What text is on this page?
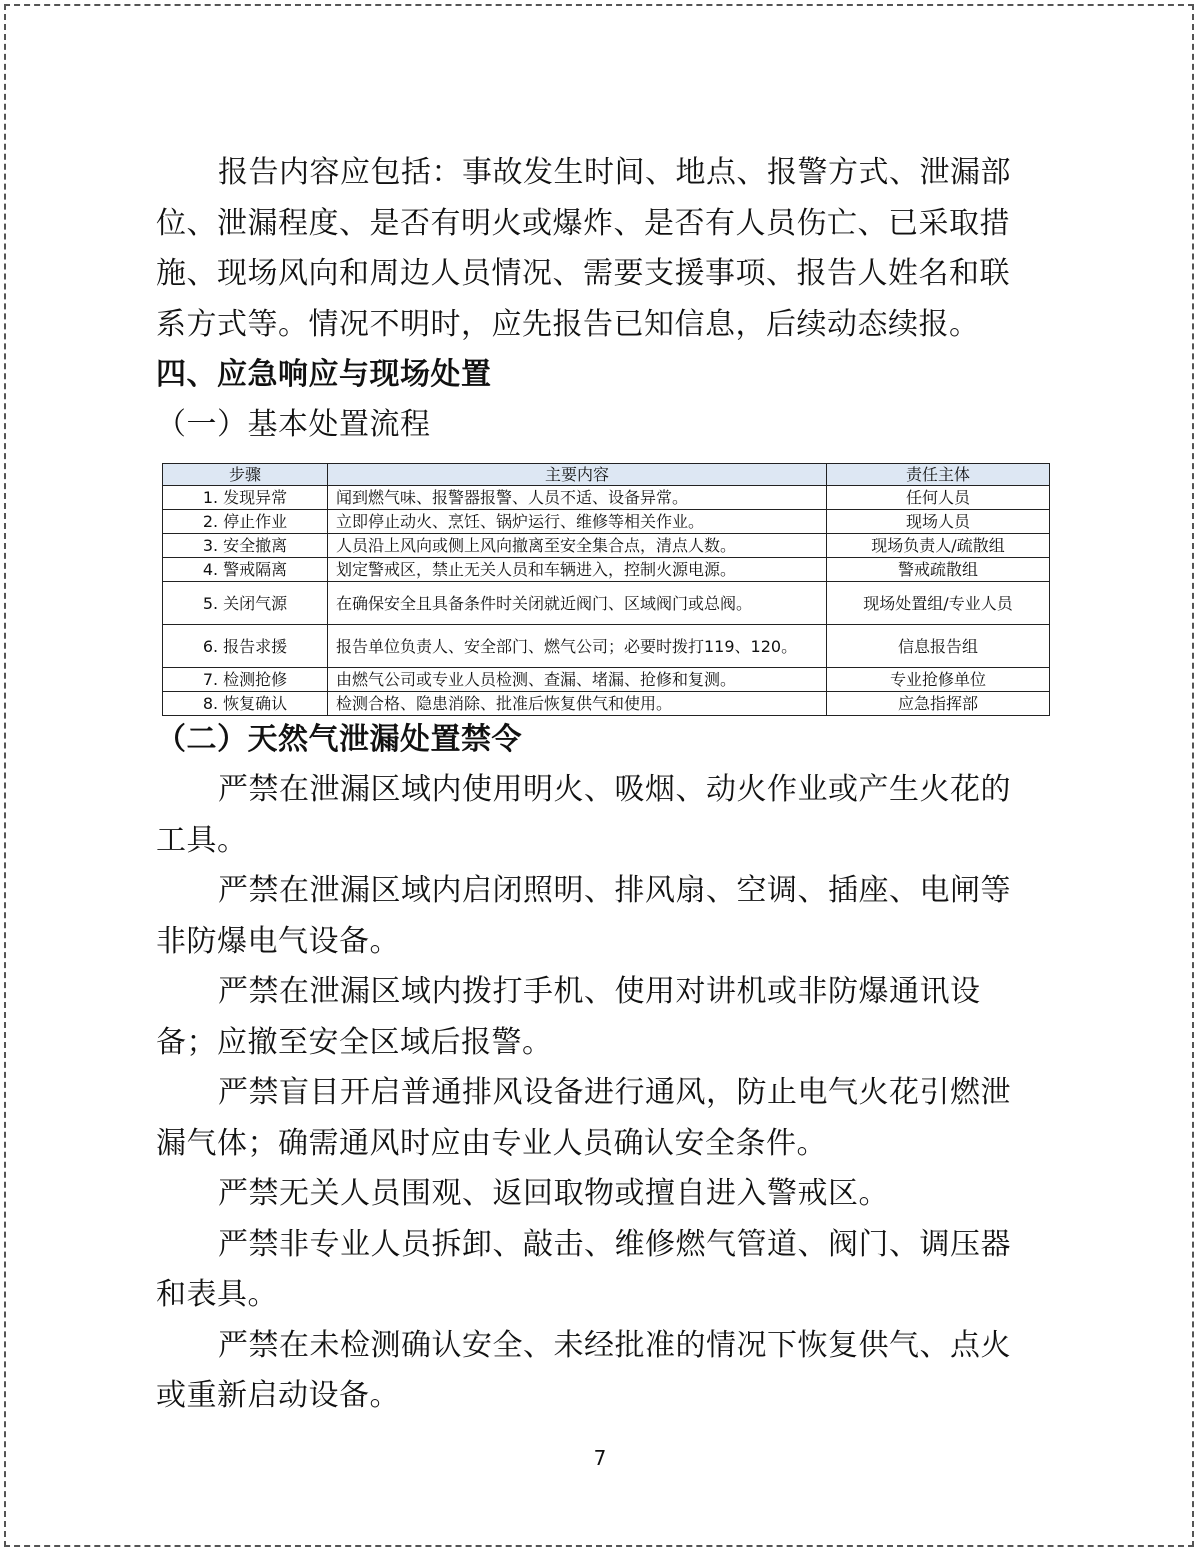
报告内容应包括：事故发生时间、地点、报警方式、泄漏部位、泄漏程度、是否有明火或爆炸、是否有人员伤亡、已采取措施、现场风向和周边人员情况、需要支援事项、报告人姓名和联系方式等。情况不明时，应先报告已知信息，后续动态续报。

四、应急响应与现场处置

（一）基本处置流程

步骤	主要内容	责任主体
1. 发现异常	闻到燃气味、报警器报警、人员不适、设备异常。	任何人员
2. 停止作业	立即停止动火、烹饪、锅炉运行、维修等相关作业。	现场人员
3. 安全撤离	人员沿上风向或侧上风向撤离至安全集合点，清点人数。	现场负责人/疏散组
4. 警戒隔离	划定警戒区，禁止无关人员和车辆进入，控制火源电源。	警戒疏散组
5. 关闭气源	在确保安全且具备条件时关闭就近阀门、区域阀门或总阀。	现场处置组/专业人员
6. 报告求援	报告单位负责人、安全部门、燃气公司；必要时拨打119、120。	信息报告组
7. 检测抢修	由燃气公司或专业人员检测、查漏、堵漏、抢修和复测。	专业抢修单位
8. 恢复确认	检测合格、隐患消除、批准后恢复供气和使用。	应急指挥部

（二）天然气泄漏处置禁令

严禁在泄漏区域内使用明火、吸烟、动火作业或产生火花的工具。

严禁在泄漏区域内启闭照明、排风扇、空调、插座、电闸等非防爆电气设备。

严禁在泄漏区域内拨打手机、使用对讲机或非防爆通讯设备；应撤至安全区域后报警。

严禁盲目开启普通排风设备进行通风，防止电气火花引燃泄漏气体；确需通风时应由专业人员确认安全条件。

严禁无关人员围观、返回取物或擅自进入警戒区。

严禁非专业人员拆卸、敲击、维修燃气管道、阀门、调压器和表具。

严禁在未检测确认安全、未经批准的情况下恢复供气、点火或重新启动设备。

7
